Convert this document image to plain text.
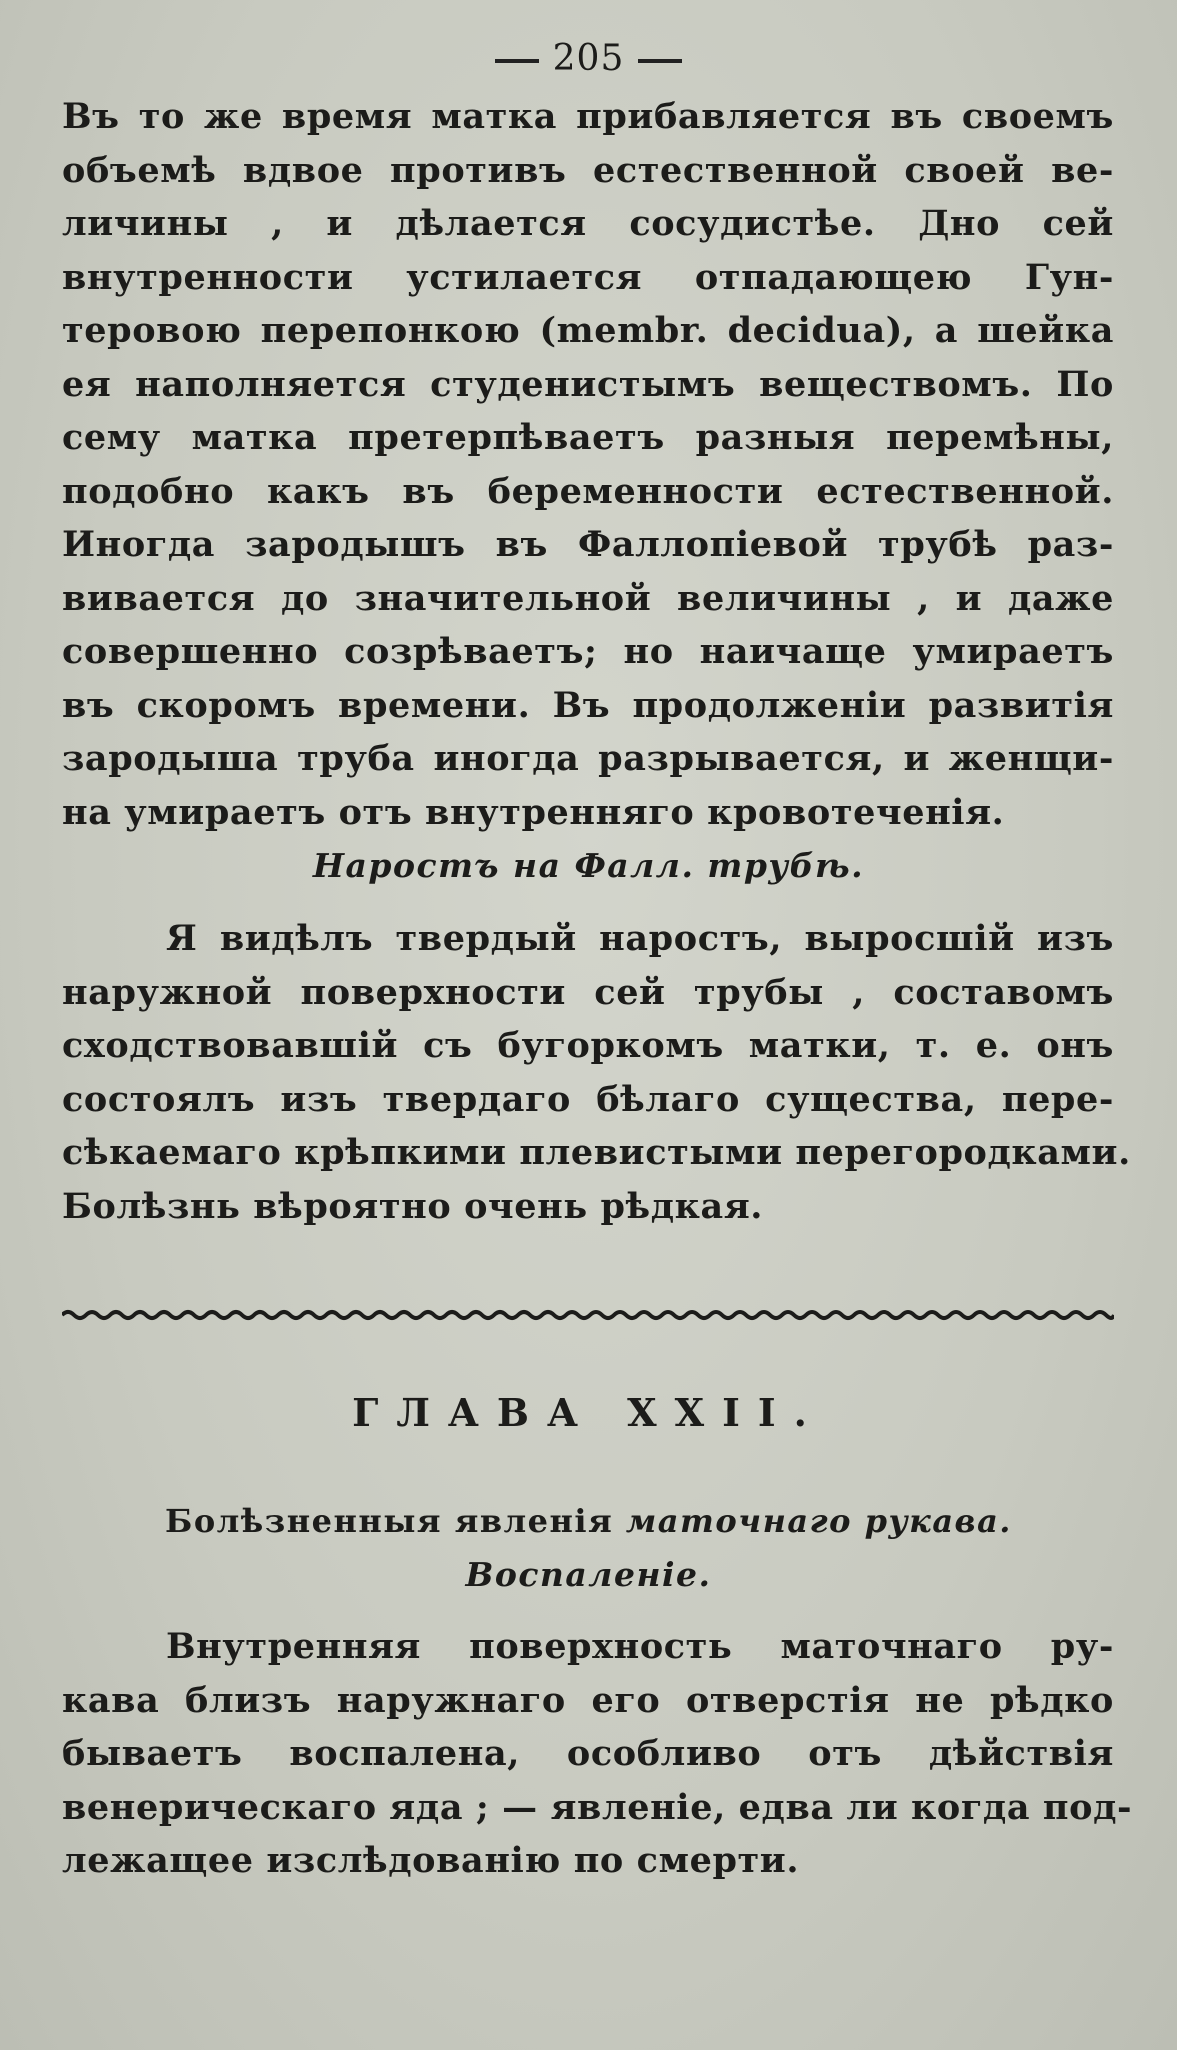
205
Въ то же время матка прибавляется въ своемъ
объемѣ вдвое противъ естественной своей ве-
личины , и дѣлается сосудистѣе. Дно сей
внутренности устилается отпадающею Гун-
теровою перепонкою (membr. decidua), а шейка
ея наполняется студенистымъ веществомъ. По
сему матка претерпѣваетъ разныя перемѣны,
подобно какъ въ беременности естественной.
Иногда зародышъ въ Фаллопіевой трубѣ раз-
вивается до значительной величины , и даже
совершенно созрѣваетъ; но наичаще умираетъ
въ скоромъ времени. Въ продолженіи развитія
зародыша труба иногда разрывается, и женщи-
на умираетъ отъ внутренняго кровотеченія.
Наростъ на Фалл. трубѣ.
Я видѣлъ твердый наростъ, выросшій изъ
наружной поверхности сей трубы , составомъ
сходствовавшій съ бугоркомъ матки, т. е. онъ
состоялъ изъ твердаго бѣлаго существа, пере-
сѣкаемаго крѣпкими плевистыми перегородками.
Болѣзнь вѣроятно очень рѣдкая.
ГЛАВА XXII.
Болѣзненныя явленія маточнаго рукава.
Воспаленіе.
Внутренняя поверхность маточнаго ру-
кава близъ наружнаго его отверстія не рѣдко
бываетъ воспалена, особливо отъ дѣйствія
венерическаго яда ; — явленіе, едва ли когда под-
лежащее изслѣдованію по смерти.
